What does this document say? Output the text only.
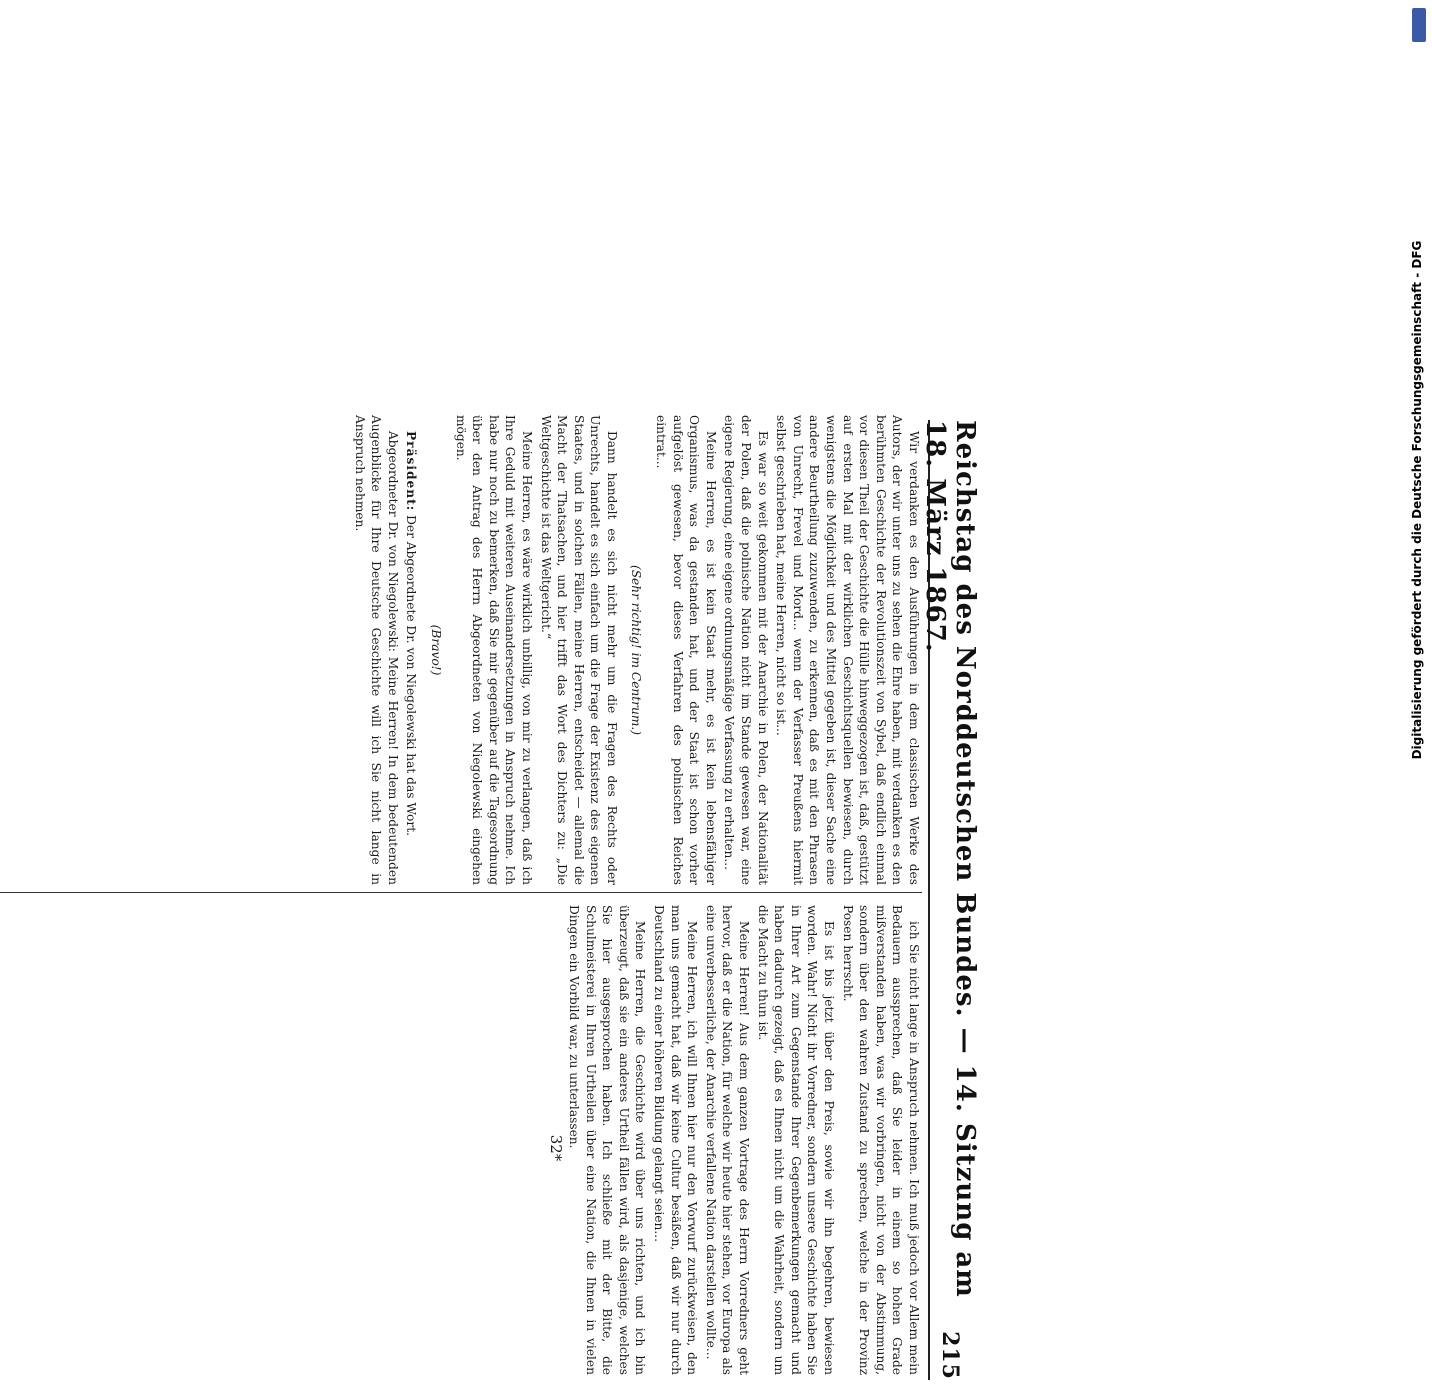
Reichstag des Norddeutschen Bundes. — 14. Sitzung am 18. März 1867.
215

Wir verdanken es den Ausführungen in dem classischen Werke des Autors, der wir unter uns zu sehen die Ehre haben, mit verdanken es den berühmten Geschichte der Revolutionszeit von Sybel, daß endlich einmal vor diesen Theil der Geschichte die Hülle hinweggezogen ist, daß, gestützt auf ersten Mal mit der wirklichen Geschichtsquellen bewiesen, durch wenigstens die Möglichkeit und des Mittel gegeben ist, dieser Sache eine andere Beurtheilung zuzuwenden, zu erkennen, daß es mit den Phrasen von Unrecht, Frevel und Mord... wenn der Verfasser Preußens hiermit selbst geschrieben hat, meine Herren, nicht so ist...

Es war so weit gekommen mit der Anarchie in Polen, der Nationalität der Polen, daß die polnische Nation nicht im Stande gewesen war, eine eigene Regierung, eine eigene ordnungsmäßige Verfassung zu erhalten...

Meine Herren, es ist kein Staat mehr, es ist kein lebensfähiger Organismus, was da gestanden hat, und der Staat ist schon vorher aufgelöst gewesen, bevor dieses Verfahren des polnischen Reiches eintrat...

(Sehr richtig! im Centrum.)

Dann handelt es sich nicht mehr um die Fragen des Rechts oder Unrechts, handelt es sich einfach um die Frage der Existenz des eigenen Staates, und in solchen Fällen, meine Herren, entscheidet — allemal die Macht der Thatsachen, und hier trifft das Wort des Dichters zu: „Die Weltgeschichte ist das Weltgericht.“

Meine Herren, es wäre wirklich unbillig, von mir zu verlangen, daß ich Ihre Geduld mit weiteren Auseinandersetzungen in Anspruch nehme. Ich habe nur noch zu bemerken, daß Sie mir gegenüber auf die Tagesordnung über den Antrag des Herrn Abgeordneten von Niegolewski eingehen mögen.

(Bravo!)

Präsident: Der Abgeordnete Dr. von Niegolewski hat das Wort.

Abgeordneter Dr. von Niegolewski: Meine Herren! In dem bedeutenden Augenblicke für Ihre Deutsche Geschichte will ich Sie nicht lange in Anspruch nehmen.

ich Sie nicht lange in Anspruch nehmen. Ich muß jedoch vor Allem mein Bedauern aussprechen, daß Sie leider in einem so hohen Grade mißverstanden haben, was wir vorbringen, nicht von der Abstimmung, sondern über den wahren Zustand zu sprechen, welche in der Provinz Posen herrscht.

Es ist bis jetzt über den Preis, sowie wir ihn begehren, bewiesen worden. Wahr! Nicht ihr Vorredner, sondern unsere Geschichte haben Sie in Ihrer Art zum Gegenstande Ihrer Gegenbemerkungen gemacht und haben dadurch gezeigt, daß es Ihnen nicht um die Wahrheit, sondern um die Macht zu thun ist.

Meine Herren! Aus dem ganzen Vortrage des Herrn Vorredners geht hervor, daß er die Nation, für welche wir heute hier stehen, vor Europa als eine unverbesserliche, der Anarchie verfallene Nation darstellen wollte...

Meine Herren, ich will Ihnen hier nur den Vorwurf zurückweisen, den man uns gemacht hat, daß wir keine Cultur besäßen, daß wir nur durch Deutschland zu einer höheren Bildung gelangt seien...

Meine Herren, die Geschichte wird über uns richten, und ich bin überzeugt, daß sie ein anderes Urtheil fällen wird, als dasjenige, welches Sie hier ausgesprochen haben. Ich schließe mit der Bitte, die Schulmeisterei in Ihren Urtheilen über eine Nation, die Ihnen in vielen Dingen ein Vorbild war, zu unterlassen.

32*

Digitalisierung gefördert durch die Deutsche Forschungsgemeinschaft - DFG
